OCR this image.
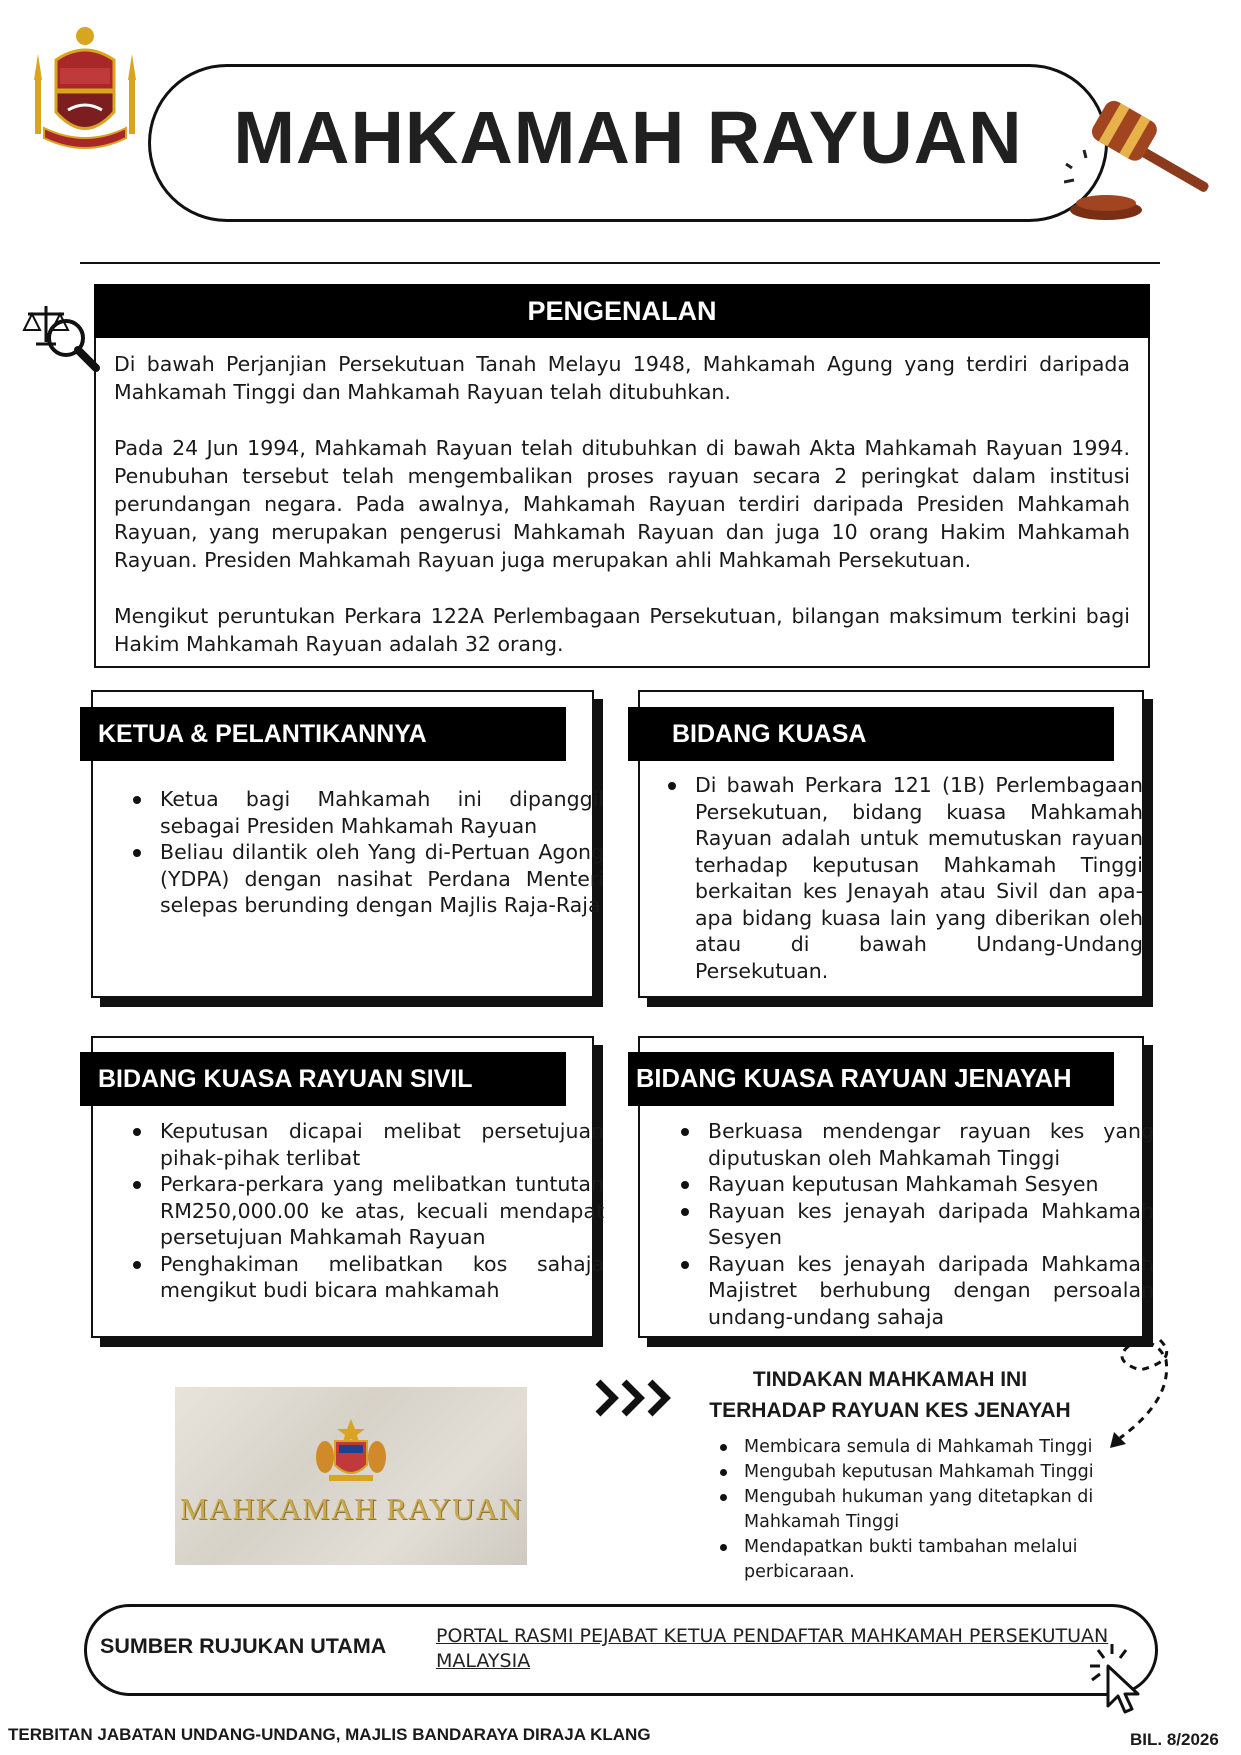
MAHKAMAH RAYUAN
PENGENALAN

Di bawah Perjanjian Persekutuan Tanah Melayu 1948, Mahkamah Agung yang terdiri daripada Mahkamah Tinggi dan Mahkamah Rayuan telah ditubuhkan.

Pada 24 Jun 1994, Mahkamah Rayuan telah ditubuhkan di bawah Akta Mahkamah Rayuan 1994. Penubuhan tersebut telah mengembalikan proses rayuan secara 2 peringkat dalam institusi perundangan negara. Pada awalnya, Mahkamah Rayuan terdiri daripada Presiden Mahkamah Rayuan, yang merupakan pengerusi Mahkamah Rayuan dan juga 10 orang Hakim Mahkamah Rayuan. Presiden Mahkamah Rayuan juga merupakan ahli Mahkamah Persekutuan.

Mengikut peruntukan Perkara 122A Perlembagaan Persekutuan, bilangan maksimum terkini bagi Hakim Mahkamah Rayuan adalah 32 orang.

KETUA & PELANTIKANNYA
Ketua bagi Mahkamah ini dipanggil sebagai Presiden Mahkamah Rayuan
Beliau dilantik oleh Yang di-Pertuan Agong (YDPA) dengan nasihat Perdana Menteri selepas berunding dengan Majlis Raja-Raja
BIDANG KUASA
Di bawah Perkara 121 (1B) Perlembagaan Persekutuan, bidang kuasa Mahkamah Rayuan adalah untuk memutuskan rayuan terhadap keputusan Mahkamah Tinggi berkaitan kes Jenayah atau Sivil dan apa-apa bidang kuasa lain yang diberikan oleh atau di bawah Undang-Undang Persekutuan.
BIDANG KUASA RAYUAN SIVIL
Keputusan dicapai melibat persetujuan pihak-pihak terlibat
Perkara-perkara yang melibatkan tuntutan RM250,000.00 ke atas, kecuali mendapat persetujuan Mahkamah Rayuan
Penghakiman melibatkan kos sahaja mengikut budi bicara mahkamah
BIDANG KUASA RAYUAN JENAYAH
Berkuasa mendengar rayuan kes yang diputuskan oleh Mahkamah Tinggi
Rayuan keputusan Mahkamah Sesyen
Rayuan kes jenayah daripada Mahkamah Sesyen
Rayuan kes jenayah daripada Mahkamah Majistret berhubung dengan persoalan undang-undang sahaja
MAHKAMAH RAYUAN
TINDAKAN MAHKAMAH INI
TERHADAP RAYUAN KES JENAYAH
Membicara semula di Mahkamah Tinggi
Mengubah keputusan Mahkamah Tinggi
Mengubah hukuman yang ditetapkan di Mahkamah Tinggi
Mendapatkan bukti tambahan melalui perbicaraan.
SUMBER RUJUKAN UTAMA	PORTAL RASMI PEJABAT KETUA PENDAFTAR MAHKAMAH PERSEKUTUAN MALAYSIA
TERBITAN JABATAN UNDANG-UNDANG, MAJLIS BANDARAYA DIRAJA KLANG	BIL. 8/2026
